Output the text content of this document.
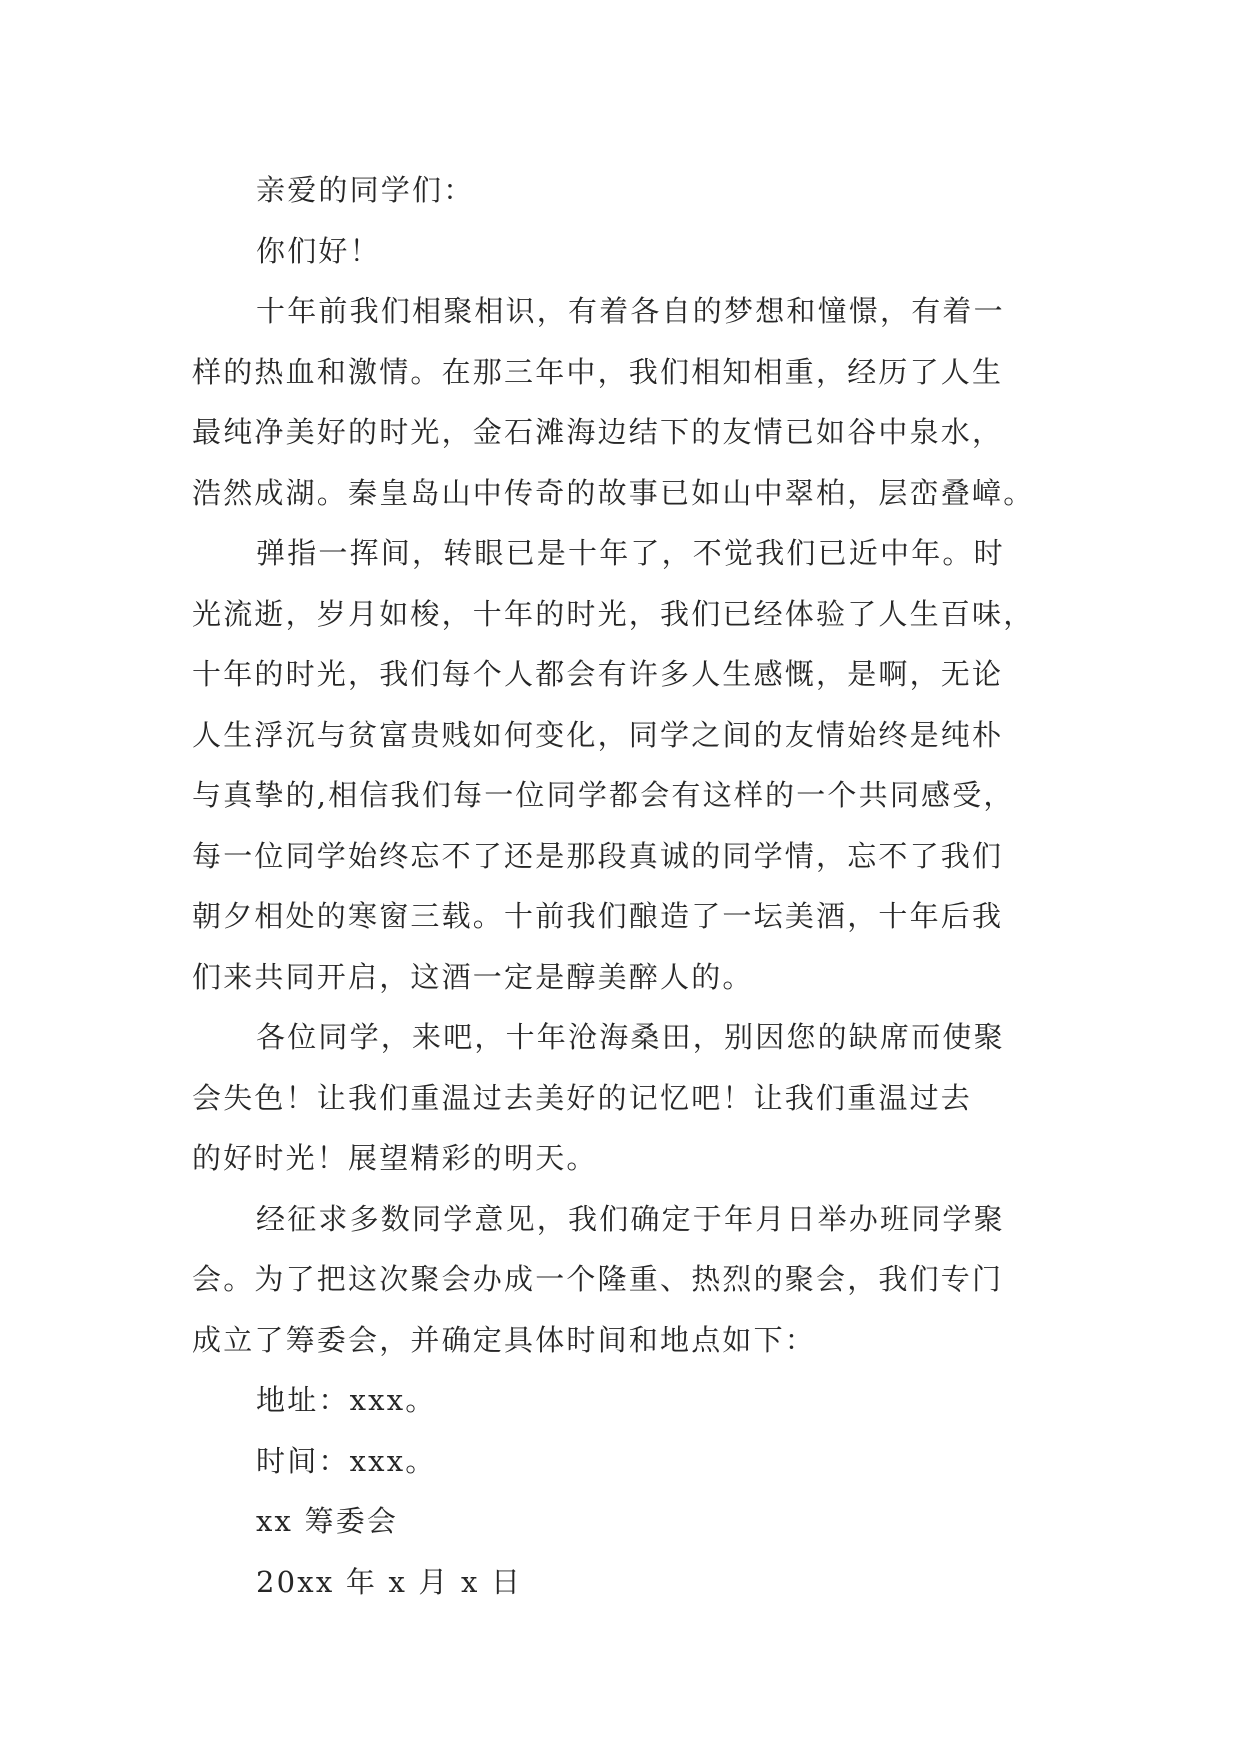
亲爱的同学们：
你们好！
十年前我们相聚相识，有着各自的梦想和憧憬，有着一
样的热血和激情。在那三年中，我们相知相重，经历了人生
最纯净美好的时光，金石滩海边结下的友情已如谷中泉水，
浩然成湖。秦皇岛山中传奇的故事已如山中翠柏，层峦叠嶂。
弹指一挥间，转眼已是十年了，不觉我们已近中年。时
光流逝，岁月如梭，十年的时光，我们已经体验了人生百味，
十年的时光，我们每个人都会有许多人生感慨，是啊，无论
人生浮沉与贫富贵贱如何变化，同学之间的友情始终是纯朴
与真挚的,相信我们每一位同学都会有这样的一个共同感受，
每一位同学始终忘不了还是那段真诚的同学情，忘不了我们
朝夕相处的寒窗三载。十前我们酿造了一坛美酒，十年后我
们来共同开启，这酒一定是醇美醉人的。
各位同学，来吧，十年沧海桑田，别因您的缺席而使聚
会失色！让我们重温过去美好的记忆吧！让我们重温过去
的好时光！展望精彩的明天。
经征求多数同学意见，我们确定于年月日举办班同学聚
会。为了把这次聚会办成一个隆重、热烈的聚会，我们专门
成立了筹委会，并确定具体时间和地点如下：
地址：xxx。
时间：xxx。
xx 筹委会
20xx 年 x 月 x 日
